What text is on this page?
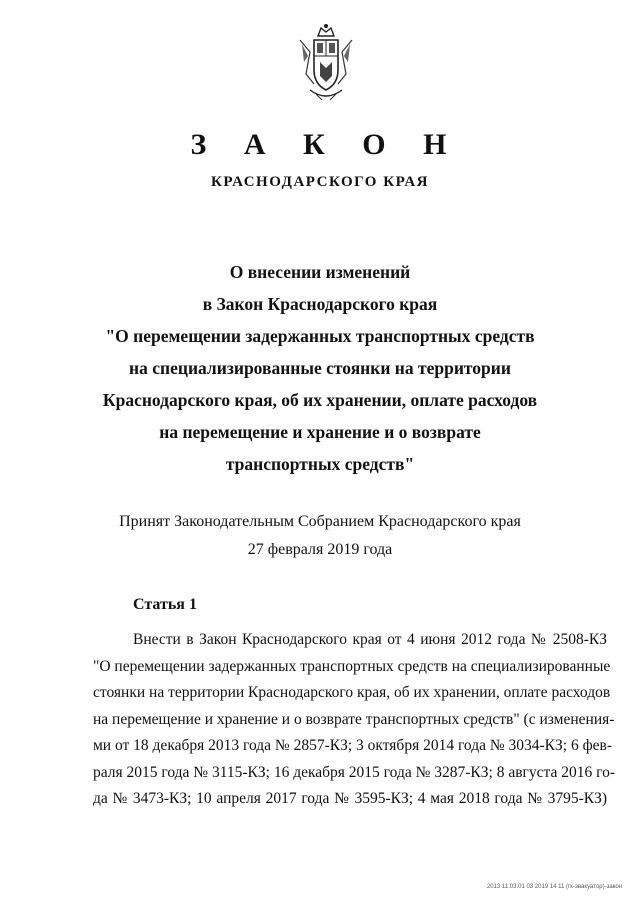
З А К О Н
КРАСНОДАРСКОГО КРАЯ
О внесении изменений
в Закон Краснодарского края
"О перемещении задержанных транспортных средств
на специализированные стоянки на территории
Краснодарского края, об их хранении, оплате расходов
на перемещение и хранение и о возврате
транспортных средств"
Принят Законодательным Собранием Краснодарского края
27 февраля 2019 года
Статья 1
Внести в Закон Краснодарского края от 4 июня 2012 года № 2508-КЗ
"О перемещении задержанных транспортных средств на специализированные
стоянки на территории Краснодарского края, об их хранении, оплате расходов
на перемещение и хранение и о возврате транспортных средств" (с изменения-
ми от 18 декабря 2013 года № 2857-КЗ; 3 октября 2014 года № 3034-КЗ; 6 фев-
раля 2015 года № 3115-КЗ; 16 декабря 2015 года № 3287-КЗ; 8 августа 2016 го-
да № 3473-КЗ; 10 апреля 2017 года № 3595-КЗ; 4 мая 2018 года № 3795-КЗ)
2013 11.03.01 03 2019 14 11 (гк-эвакуатор)-закон
